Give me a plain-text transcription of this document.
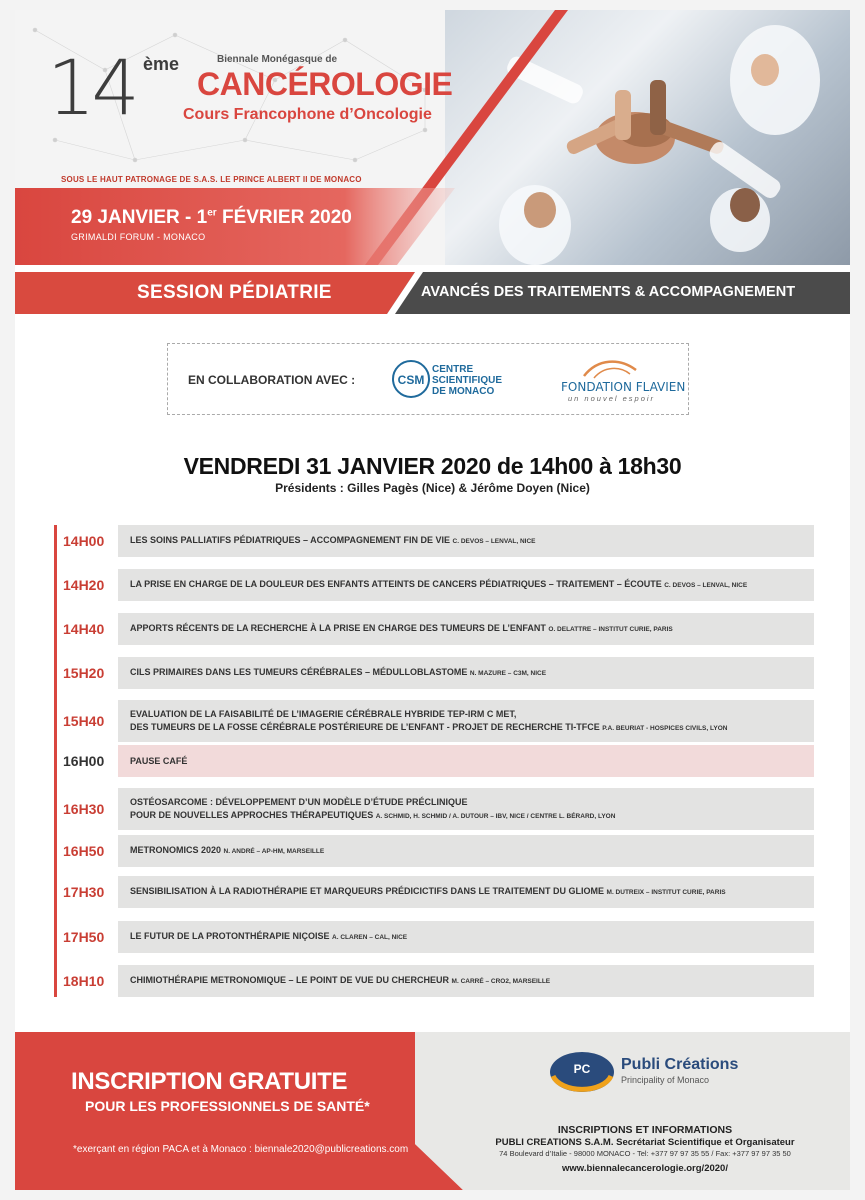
14 ème	Biennale Monégasque de
CANCÉROLOGIE
Cours Francophone d’Oncologie
SOUS LE HAUT PATRONAGE DE S.A.S. LE PRINCE ALBERT II DE MONACO
29 JANVIER - 1er FÉVRIER 2020
GRIMALDI FORUM - MONACO
SESSION PÉDIATRIE	AVANCÉS DES TRAITEMENTS & ACCOMPAGNEMENT
EN COLLABORATION AVEC :	CSM
CENTRE
SCIENTIFIQUE
DE MONACO	FONDATION FLAVIEN
un nouvel espoir
VENDREDI 31 JANVIER 2020 de 14h00 à 18h30
Présidents : Gilles Pagès (Nice) & Jérôme Doyen (Nice)
14H00	LES SOINS PALLIATIFS PÉDIATRIQUES – ACCOMPAGNEMENT FIN DE VIE C. DEVOS – LENVAL, NICE
14H20	LA PRISE EN CHARGE DE LA DOULEUR DES ENFANTS ATTEINTS DE CANCERS PÉDIATRIQUES – TRAITEMENT – ÉCOUTE C. DEVOS – LENVAL, NICE
14H40	APPORTS RÉCENTS DE LA RECHERCHE À LA PRISE EN CHARGE DES TUMEURS DE L’ENFANT O. DELATTRE – INSTITUT CURIE, PARIS
15H20	CILS PRIMAIRES DANS LES TUMEURS CÉRÉBRALES – MÉDULLOBLASTOME N. MAZURE – C3M, NICE
15H40	EVALUATION DE LA FAISABILITÉ DE L’IMAGERIE CÉRÉBRALE HYBRIDE TEP-IRM C MET,
DES TUMEURS DE LA FOSSE CÉRÉBRALE POSTÉRIEURE DE L’ENFANT - PROJET DE RECHERCHE TI-TFCE P.A. BEURIAT - HOSPICES CIVILS, LYON
16H00	PAUSE CAFÉ
16H30	OSTÉOSARCOME : DÉVELOPPEMENT D’UN MODÈLE D’ÉTUDE PRÉCLINIQUE
POUR DE NOUVELLES APPROCHES THÉRAPEUTIQUES A. SCHMID, H. SCHMID / A. DUTOUR – IBV, NICE / CENTRE L. BÉRARD, LYON
16H50	METRONOMICS 2020 N. ANDRÉ – AP-HM, MARSEILLE
17H30	SENSIBILISATION À LA RADIOTHÉRAPIE ET MARQUEURS PRÉDICICTIFS DANS LE TRAITEMENT DU GLIOME M. DUTREIX – INSTITUT CURIE, PARIS
17H50	LE FUTUR DE LA PROTONTHÉRAPIE NIÇOISE A. CLAREN – CAL, NICE
18H10	CHIMIOTHÉRAPIE METRONOMIQUE – LE POINT DE VUE DU CHERCHEUR M. CARRÉ – CRO2, MARSEILLE
INSCRIPTION GRATUITE
POUR LES PROFESSIONNELS DE SANTÉ*
*exerçant en région PACA et à Monaco : biennale2020@publicreations.com
PC Publi Créations
Principality of Monaco
INSCRIPTIONS ET INFORMATIONS
PUBLI CREATIONS S.A.M. Secrétariat Scientifique et Organisateur
74 Boulevard d’Italie - 98000 MONACO - Tel: +377 97 97 35 55 / Fax: +377 97 97 35 50
www.biennalecancerologie.org/2020/
